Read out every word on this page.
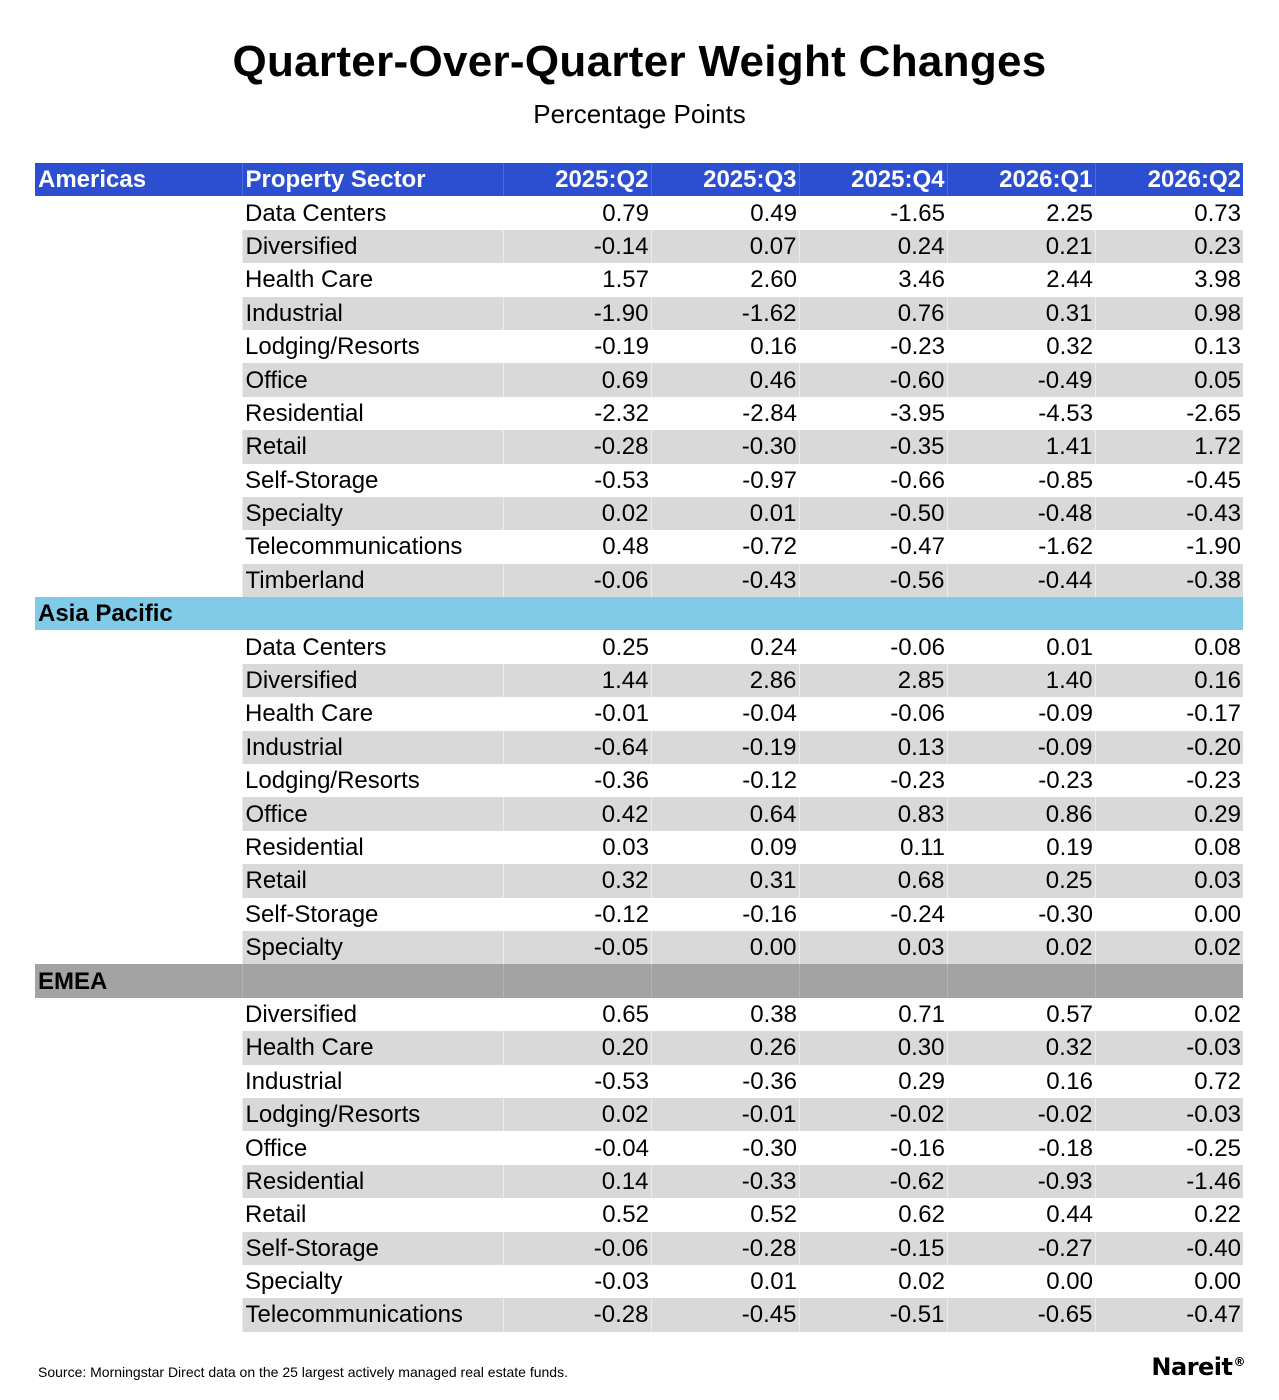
Quarter-Over-Quarter Weight Changes
Percentage Points
Americas	Property Sector	2025:Q2	2025:Q3	2025:Q4	2026:Q1	2026:Q2
	Data Centers	0.79	0.49	-1.65	2.25	0.73
	Diversified	-0.14	0.07	0.24	0.21	0.23
	Health Care	1.57	2.60	3.46	2.44	3.98
	Industrial	-1.90	-1.62	0.76	0.31	0.98
	Lodging/Resorts	-0.19	0.16	-0.23	0.32	0.13
	Office	0.69	0.46	-0.60	-0.49	0.05
	Residential	-2.32	-2.84	-3.95	-4.53	-2.65
	Retail	-0.28	-0.30	-0.35	1.41	1.72
	Self-Storage	-0.53	-0.97	-0.66	-0.85	-0.45
	Specialty	0.02	0.01	-0.50	-0.48	-0.43
	Telecommunications	0.48	-0.72	-0.47	-1.62	-1.90
	Timberland	-0.06	-0.43	-0.56	-0.44	-0.38
Asia Pacific						
	Data Centers	0.25	0.24	-0.06	0.01	0.08
	Diversified	1.44	2.86	2.85	1.40	0.16
	Health Care	-0.01	-0.04	-0.06	-0.09	-0.17
	Industrial	-0.64	-0.19	0.13	-0.09	-0.20
	Lodging/Resorts	-0.36	-0.12	-0.23	-0.23	-0.23
	Office	0.42	0.64	0.83	0.86	0.29
	Residential	0.03	0.09	0.11	0.19	0.08
	Retail	0.32	0.31	0.68	0.25	0.03
	Self-Storage	-0.12	-0.16	-0.24	-0.30	0.00
	Specialty	-0.05	0.00	0.03	0.02	0.02
EMEA						
	Diversified	0.65	0.38	0.71	0.57	0.02
	Health Care	0.20	0.26	0.30	0.32	-0.03
	Industrial	-0.53	-0.36	0.29	0.16	0.72
	Lodging/Resorts	0.02	-0.01	-0.02	-0.02	-0.03
	Office	-0.04	-0.30	-0.16	-0.18	-0.25
	Residential	0.14	-0.33	-0.62	-0.93	-1.46
	Retail	0.52	0.52	0.62	0.44	0.22
	Self-Storage	-0.06	-0.28	-0.15	-0.27	-0.40
	Specialty	-0.03	0.01	0.02	0.00	0.00
	Telecommunications	-0.28	-0.45	-0.51	-0.65	-0.47
Source: Morningstar Direct data on the 25 largest actively managed real estate funds.	Nareit®
